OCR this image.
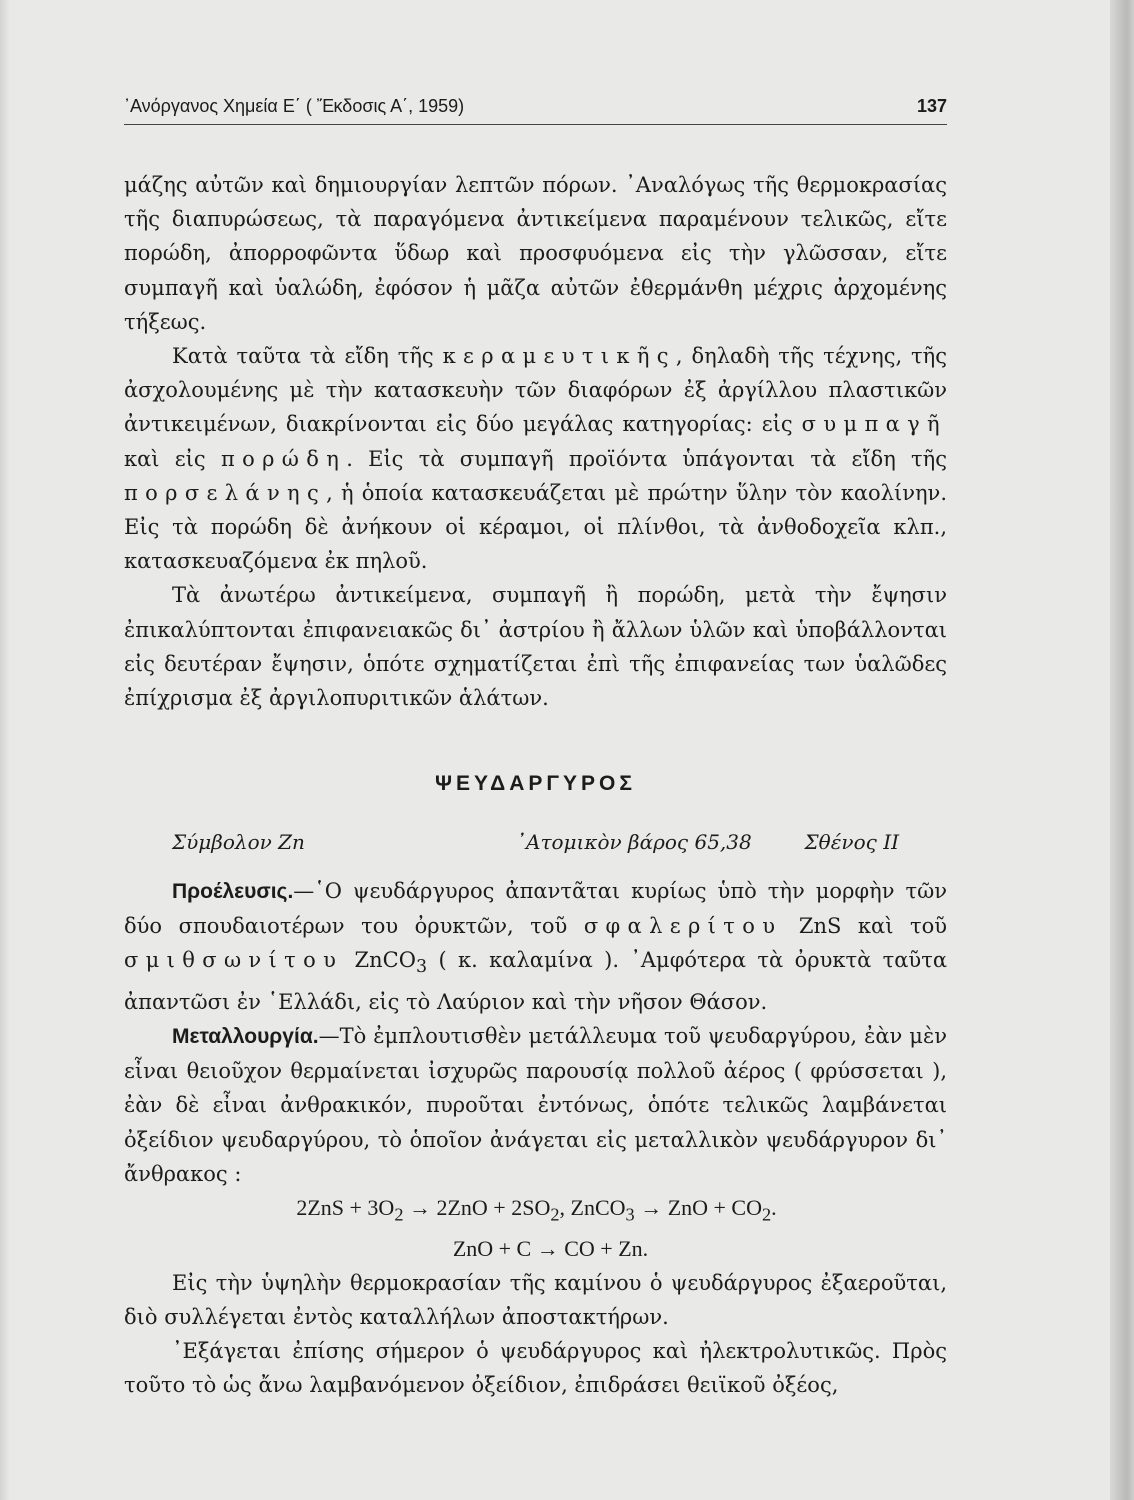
᾿Ανόργανος Χημεία Ε΄ ( Ἔκδοσις Α΄, 1959)	137

μάζης αὐτῶν καὶ δημιουργίαν λεπτῶν πόρων. ᾿Αναλόγως τῆς θερμοκρασίας τῆς διαπυρώσεως, τὰ παραγόμενα ἀντικείμενα παραμένουν τελικῶς, εἴτε πορώδη, ἀπορροφῶντα ὕδωρ καὶ προσφυόμενα εἰς τὴν γλῶσσαν, εἴτε συμπαγῆ καὶ ὑαλώδη, ἐφόσον ἡ μᾶζα αὐτῶν ἐθερμάνθη μέχρις ἀρχομένης τήξεως.

Κατὰ ταῦτα τὰ εἴδη τῆς κεραμευτικῆς, δηλαδὴ τῆς τέχνης, τῆς ἀσχολουμένης μὲ τὴν κατασκευὴν τῶν διαφόρων ἐξ ἀργίλλου πλαστικῶν ἀντικειμένων, διακρίνονται εἰς δύο μεγάλας κατηγορίας: εἰς συμπαγῆ καὶ εἰς πορώδη. Εἰς τὰ συμπαγῆ προϊόντα ὑπάγονται τὰ εἴδη τῆς πορσελάνης, ἡ ὁποία κατασκευάζεται μὲ πρώτην ὕλην τὸν καολίνην. Εἰς τὰ πορώδη δὲ ἀνήκουν οἱ κέραμοι, οἱ πλίνθοι, τὰ ἀνθοδοχεῖα κλπ., κατασκευαζόμενα ἐκ πηλοῦ.

Τὰ ἀνωτέρω ἀντικείμενα, συμπαγῆ ἢ πορώδη, μετὰ τὴν ἔψησιν ἐπικαλύπτονται ἐπιφανειακῶς δι᾿ ἀστρίου ἢ ἄλλων ὑλῶν καὶ ὑποβάλλονται εἰς δευτέραν ἔψησιν, ὁπότε σχηματίζεται ἐπὶ τῆς ἐπιφανείας των ὑαλῶδες ἐπίχρισμα ἐξ ἀργιλοπυριτικῶν ἁλάτων.

ΨΕΥΔΑΡΓΥΡΟΣ
Σύμβολον Zn	᾿Ατομικὸν βάρος 65,38	Σθένος II

Προέλευσις.—῾Ο ψευδάργυρος ἀπαντᾶται κυρίως ὑπὸ τὴν μορφὴν τῶν δύο σπουδαιοτέρων του ὀρυκτῶν, τοῦ σφαλερίτου ZnS καὶ τοῦ σμιθσωνίτου ZnCO$_3$ ( κ. καλαμίνα ). ᾿Αμφότερα τὰ ὀρυκτὰ ταῦτα ἀπαντῶσι ἐν ῾Ελλάδι, εἰς τὸ Λαύριον καὶ τὴν νῆσον Θάσον.

Μεταλλουργία.—Τὸ ἐμπλουτισθὲν μετάλλευμα τοῦ ψευδαργύρου, ἐὰν μὲν εἶναι θειοῦχον θερμαίνεται ἰσχυρῶς παρουσίᾳ πολλοῦ ἀέρος ( φρύσσεται ), ἐὰν δὲ εἶναι ἀνθρακικόν, πυροῦται ἐντόνως, ὁπότε τελικῶς λαμβάνεται ὀξείδιον ψευδαργύρου, τὸ ὁποῖον ἀνάγεται εἰς μεταλλικὸν ψευδάργυρον δι᾿ ἄνθρακος :

$2ZnS + 3O_2 \to 2ZnO + 2SO_2$, ZnCO$_3$ → ZnO + $CO_2$.

ZnO + C → CO + Zn.

Εἰς τὴν ὑψηλὴν θερμοκρασίαν τῆς καμίνου ὁ ψευδάργυρος ἐξαεροῦται, διὸ συλλέγεται ἐντὸς καταλλήλων ἀποστακτήρων.

᾿Εξάγεται ἐπίσης σήμερον ὁ ψευδάργυρος καὶ ἠλεκτρολυτικῶς. Πρὸς τοῦτο τὸ ὡς ἄνω λαμβανόμενον ὀξείδιον, ἐπιδράσει θειϊκοῦ ὀξέος,
